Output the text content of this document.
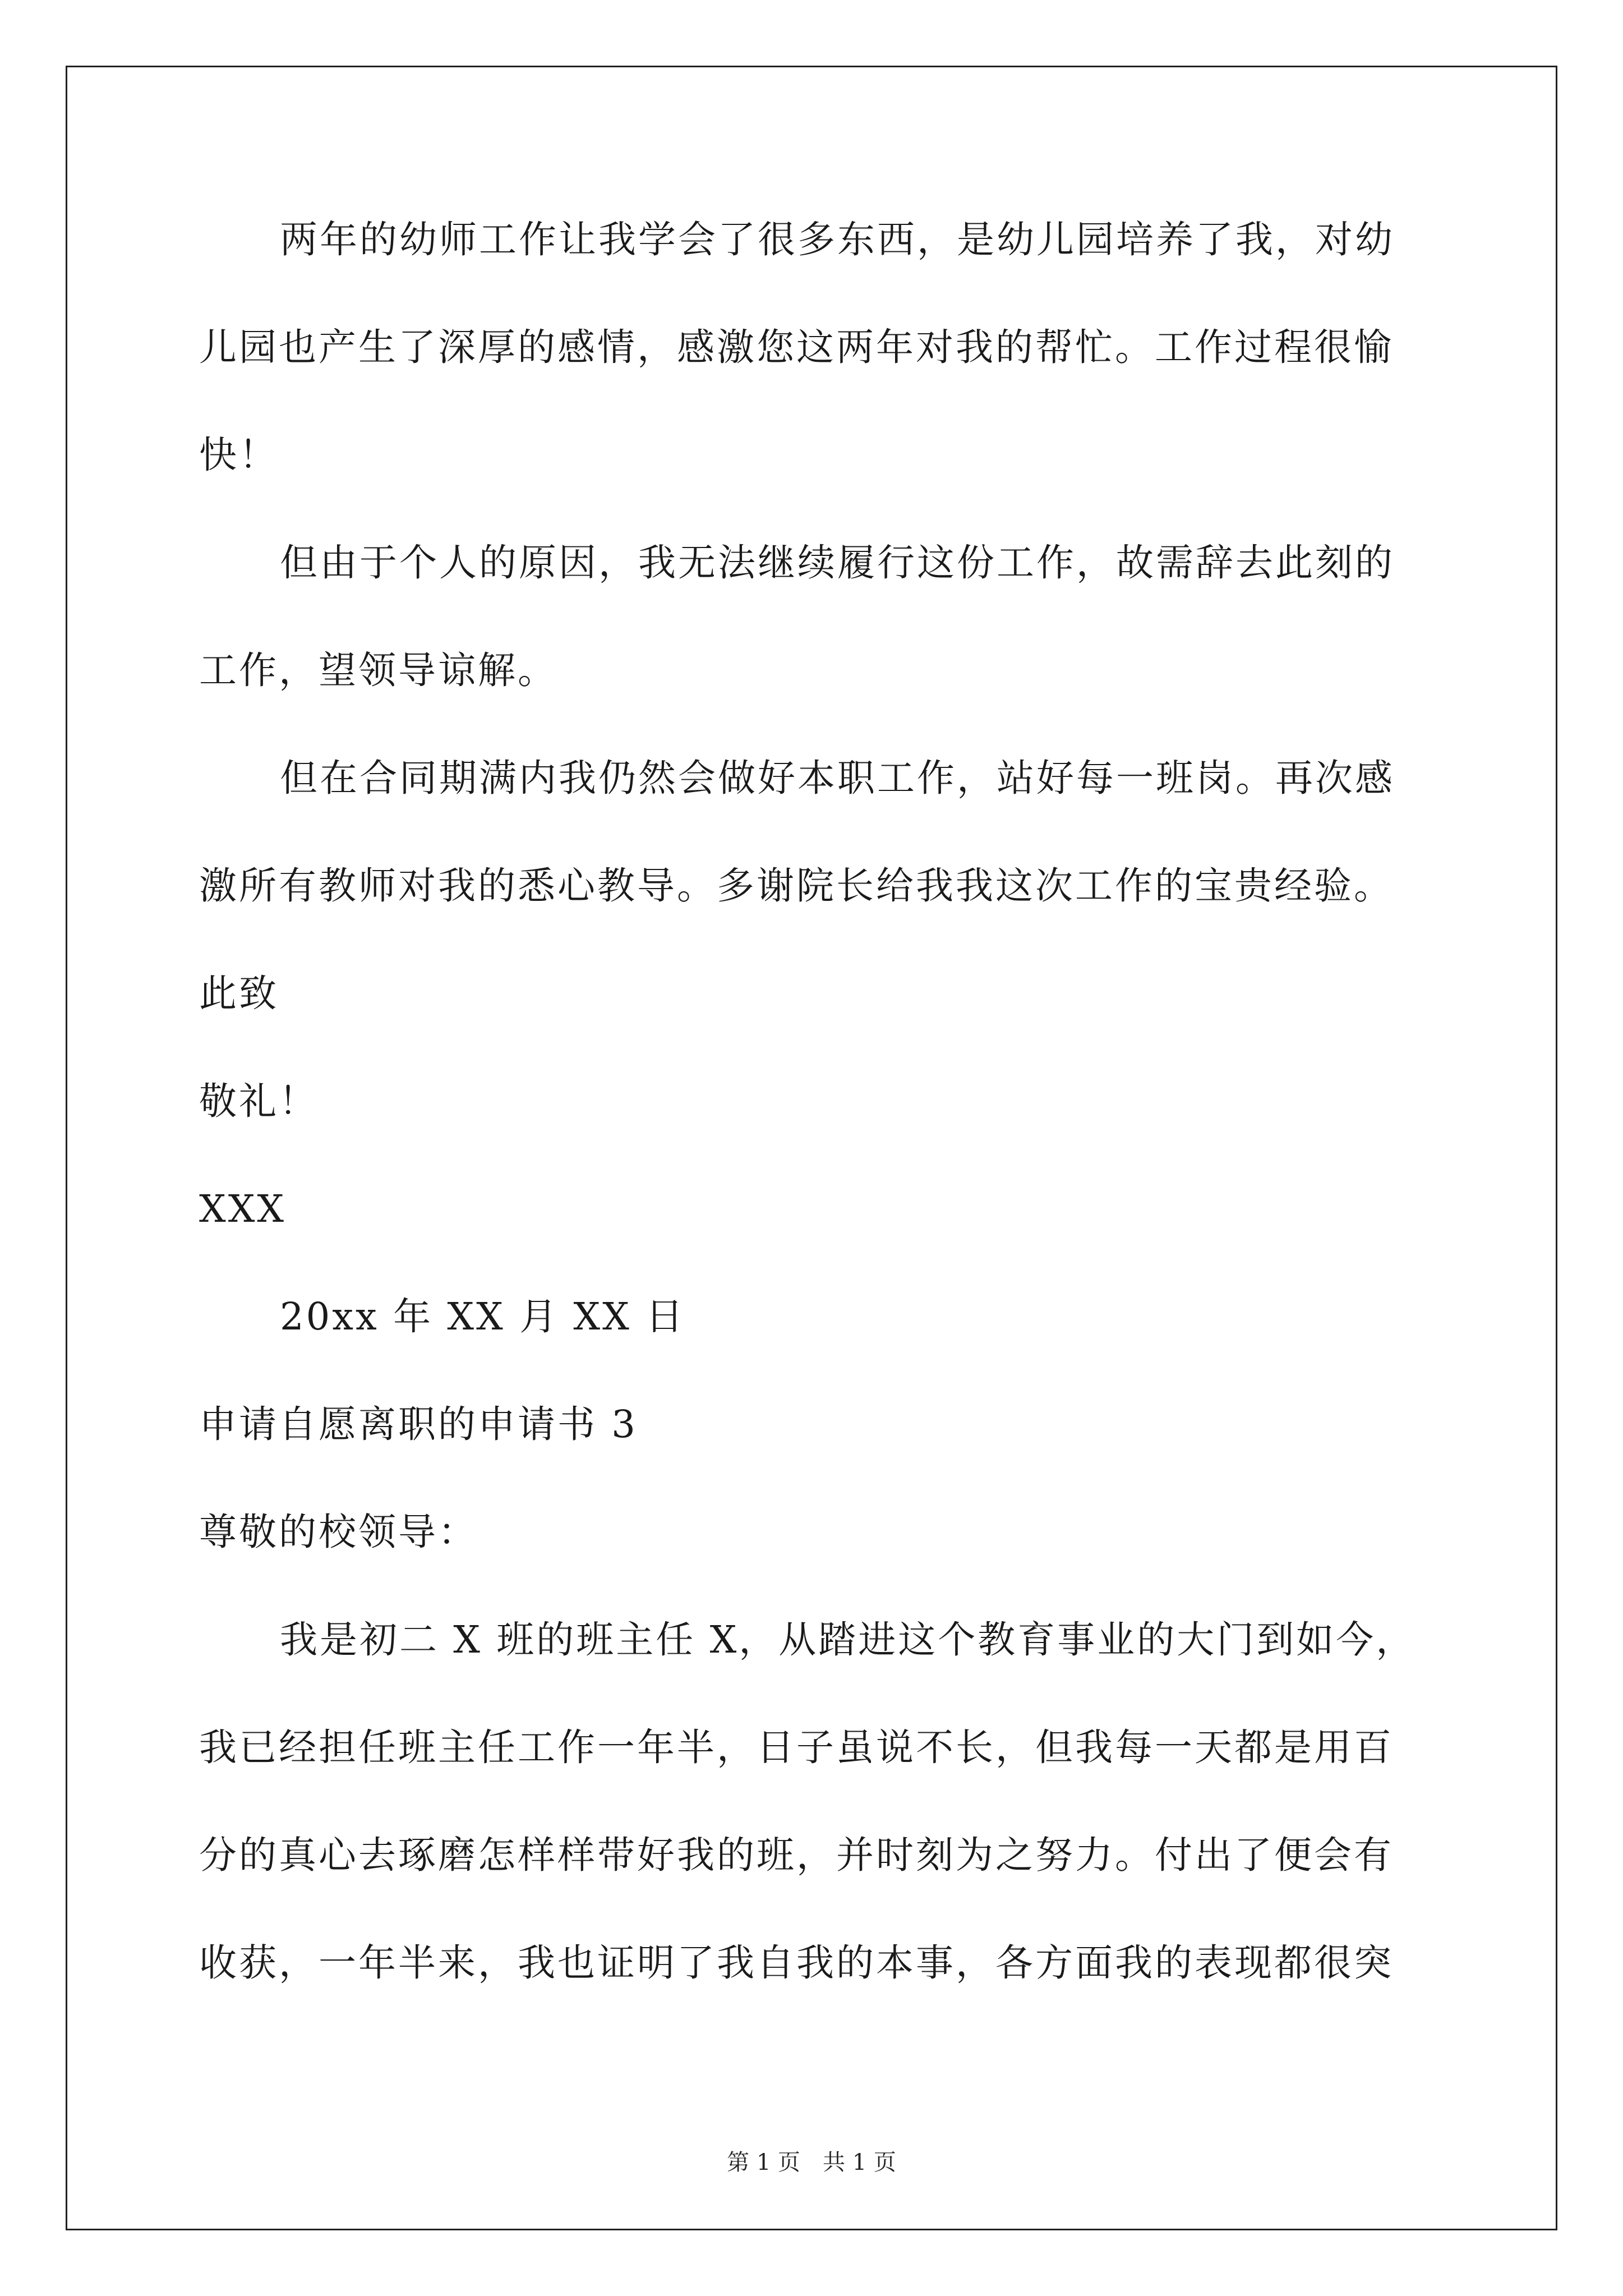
两年的幼师工作让我学会了很多东西，是幼儿园培养了我，对幼
儿园也产生了深厚的感情，感激您这两年对我的帮忙。工作过程很愉
快！
但由于个人的原因，我无法继续履行这份工作，故需辞去此刻的
工作，望领导谅解。
但在合同期满内我仍然会做好本职工作，站好每一班岗。再次感
激所有教师对我的悉心教导。多谢院长给我我这次工作的宝贵经验。
此致
敬礼！
XXX
20xx 年 XX 月 XX 日
申请自愿离职的申请书 3
尊敬的校领导：
我是初二 X 班的班主任 X，从踏进这个教育事业的大门到如今，
我已经担任班主任工作一年半，日子虽说不长，但我每一天都是用百
分的真心去琢磨怎样样带好我的班，并时刻为之努力。付出了便会有
收获，一年半来，我也证明了我自我的本事，各方面我的表现都很突
第 1 页　共 1 页
